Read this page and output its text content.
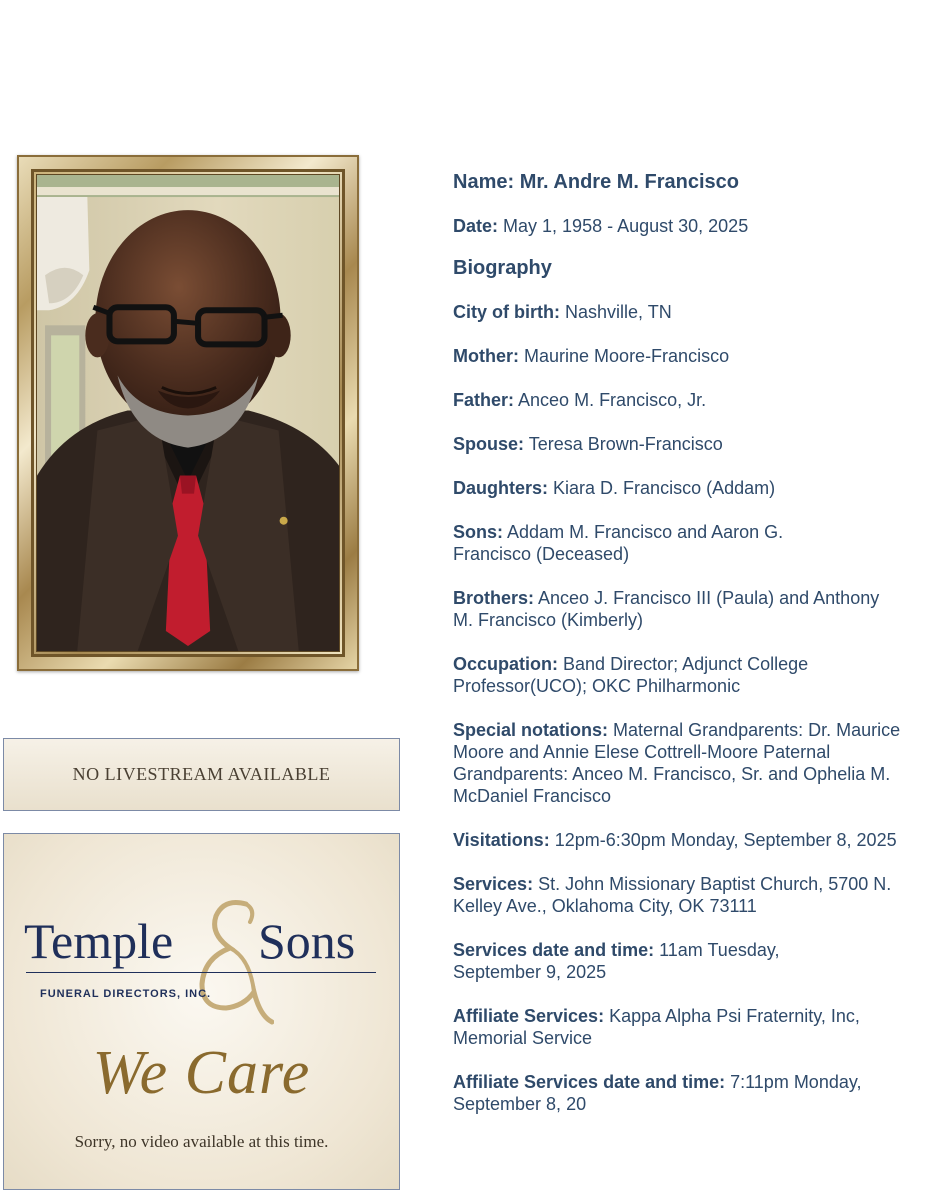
NO LIVESTREAM AVAILABLE
Temple Sons
FUNERAL DIRECTORS, INC.
We Care
Sorry, no video available at this time.

Name: Mr. Andre M. Francisco

Date: May 1, 1958 - August 30, 2025

Biography

City of birth: Nashville, TN

Mother: Maurine Moore-Francisco

Father: Anceo M. Francisco, Jr.

Spouse: Teresa Brown-Francisco

Daughters: Kiara D. Francisco (Addam)

Sons: Addam M. Francisco and Aaron G. Francisco (Deceased)

Brothers: Anceo J. Francisco III (Paula) and Anthony M. Francisco (Kimberly)

Occupation: Band Director; Adjunct College Professor(UCO); OKC Philharmonic

Special notations: Maternal Grandparents: Dr. Maurice Moore and Annie Elese Cottrell-Moore Paternal Grandparents: Anceo M. Francisco, Sr. and Ophelia M. McDaniel Francisco

Visitations: 12pm-6:30pm Monday, September 8, 2025

Services: St. John Missionary Baptist Church, 5700 N. Kelley Ave., Oklahoma City, OK 73111

Services date and time: 11am Tuesday, September 9, 2025

Affiliate Services: Kappa Alpha Psi Fraternity, Inc, Memorial Service

Affiliate Services date and time: 7:11pm Monday, September 8, 20
